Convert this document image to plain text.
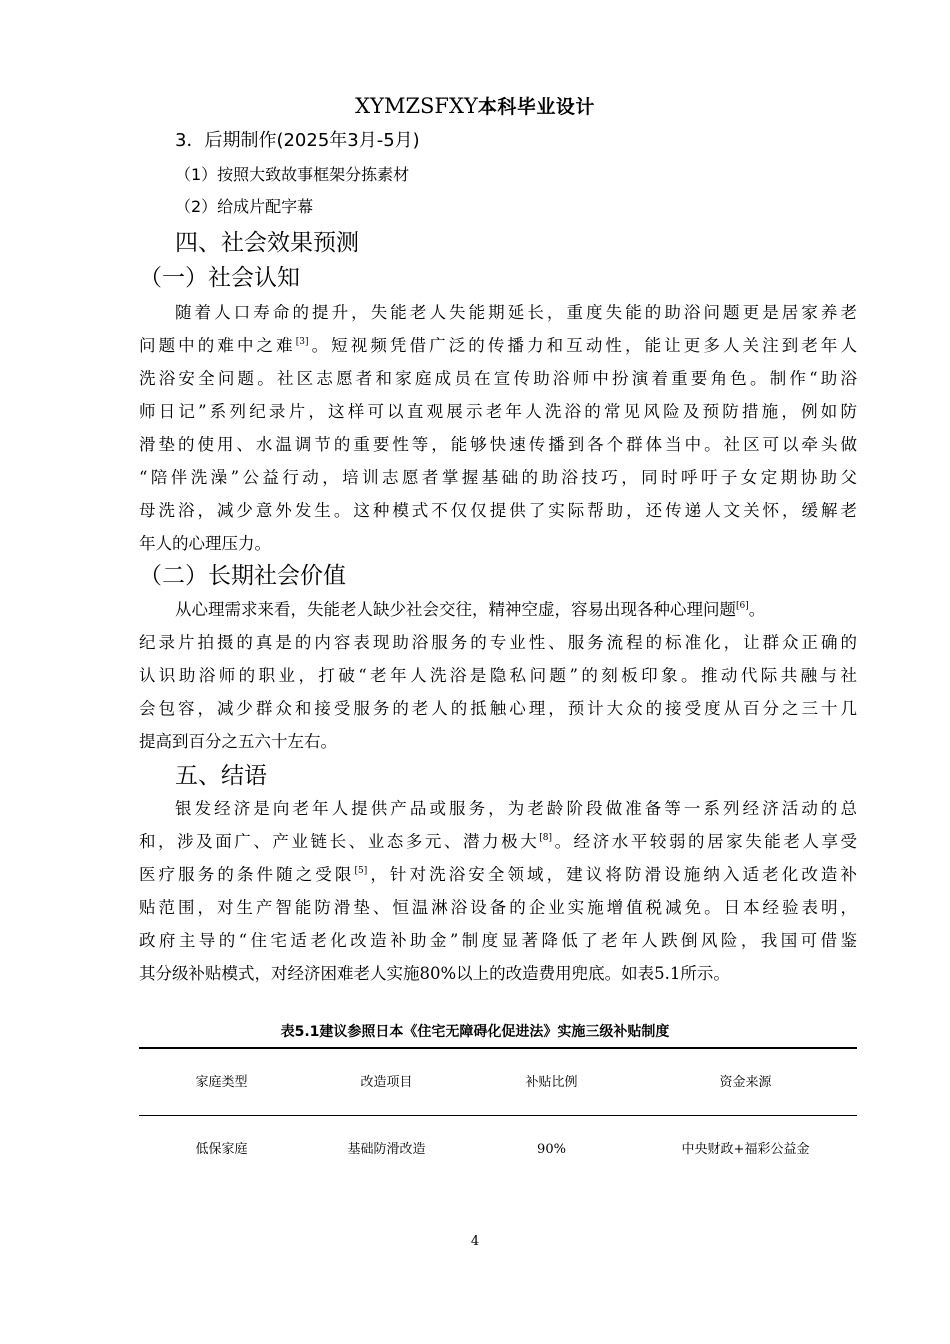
XYMZSFXY本科毕业设计
3．后期制作(2025年3月-5月)
（1）按照大致故事框架分拣素材
（2）给成片配字幕
四、社会效果预测
（一）社会认知
随着人口寿命的提升，失能老人失能期延长，重度失能的助浴问题更是居家养老
问题中的难中之难[3]。短视频凭借广泛的传播力和互动性，能让更多人关注到老年人
洗浴安全问题。社区志愿者和家庭成员在宣传助浴师中扮演着重要角色。制作“助浴
师日记”系列纪录片，这样可以直观展示老年人洗浴的常见风险及预防措施，例如防
滑垫的使用、水温调节的重要性等，能够快速传播到各个群体当中。社区可以牵头做
“陪伴洗澡”公益行动，培训志愿者掌握基础的助浴技巧，同时呼吁子女定期协助父
母洗浴，减少意外发生。这种模式不仅仅提供了实际帮助，还传递人文关怀，缓解老
年人的心理压力。
（二）长期社会价值
从心理需求来看，失能老人缺少社会交往，精神空虚，容易出现各种心理问题[6]。
纪录片拍摄的真是的内容表现助浴服务的专业性、服务流程的标准化，让群众正确的
认识助浴师的职业，打破“老年人洗浴是隐私问题”的刻板印象。推动代际共融与社
会包容，减少群众和接受服务的老人的抵触心理，预计大众的接受度从百分之三十几
提高到百分之五六十左右。
五、结语
银发经济是向老年人提供产品或服务，为老龄阶段做准备等一系列经济活动的总
和，涉及面广、产业链长、业态多元、潜力极大[8]。经济水平较弱的居家失能老人享受
医疗服务的条件随之受限[5]，针对洗浴安全领域，建议将防滑设施纳入适老化改造补
贴范围，对生产智能防滑垫、恒温淋浴设备的企业实施增值税减免。日本经验表明，
政府主导的“住宅适老化改造补助金”制度显著降低了老年人跌倒风险，我国可借鉴
其分级补贴模式，对经济困难老人实施80%以上的改造费用兜底。如表5.1所示。
表5.1建议参照日本《住宅无障碍化促进法》实施三级补贴制度
家庭类型	改造项目	补贴比例	资金来源
低保家庭	基础防滑改造	90%	中央财政+福彩公益金
4
